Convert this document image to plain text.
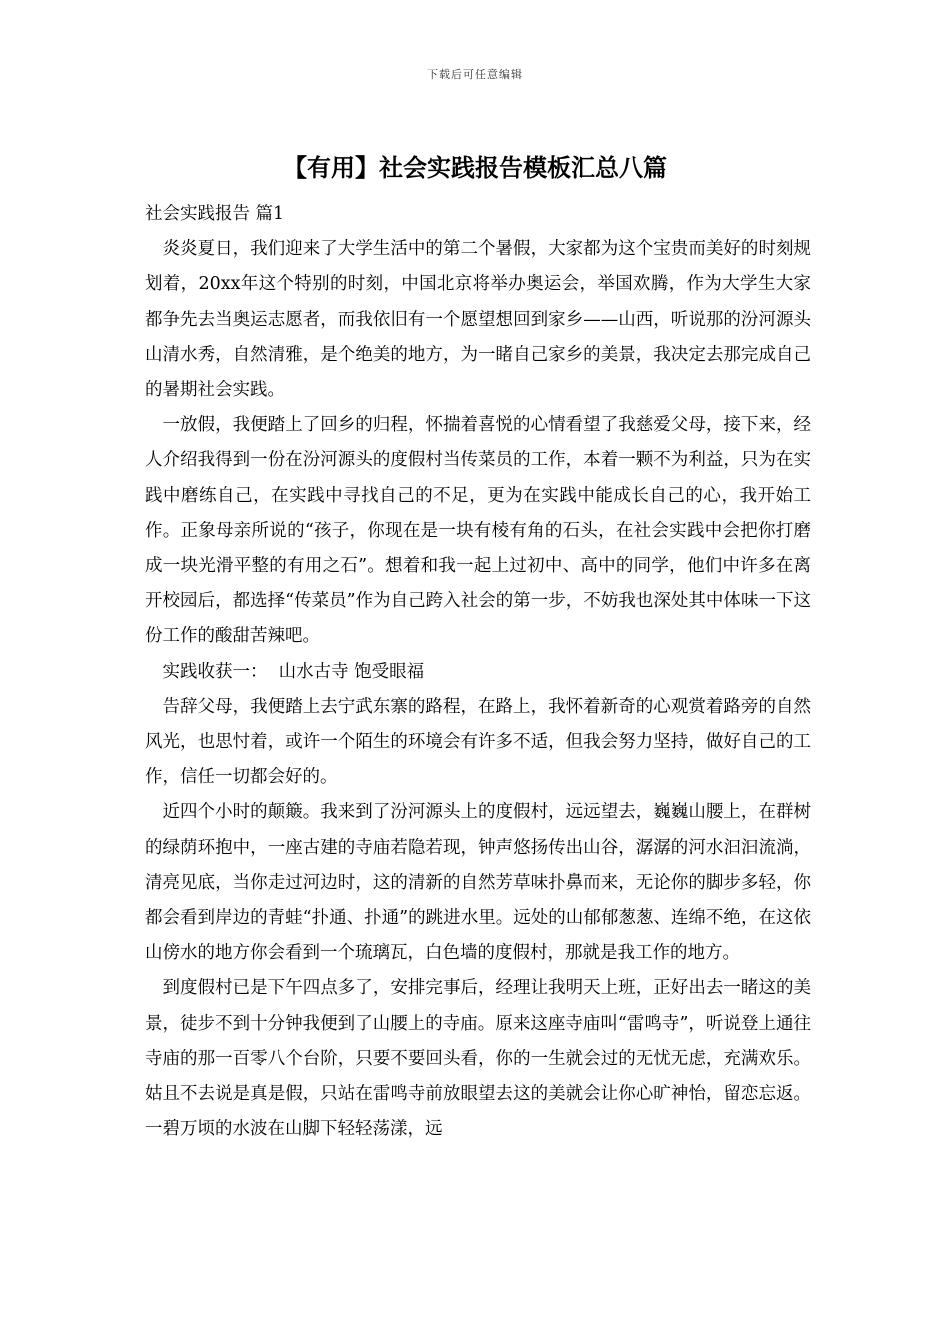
下载后可任意编辑
【有用】社会实践报告模板汇总八篇

社会实践报告 篇1

炎炎夏日，我们迎来了大学生活中的第二个暑假，大家都为这个宝贵而美好的时刻规划着，20xx年这个特别的时刻，中国北京将举办奥运会，举国欢腾，作为大学生大家都争先去当奥运志愿者，而我依旧有一个愿望想回到家乡——山西，听说那的汾河源头山清水秀，自然清雅，是个绝美的地方，为一睹自己家乡的美景，我决定去那完成自己的暑期社会实践。

一放假，我便踏上了回乡的归程，怀揣着喜悦的心情看望了我慈爱父母，接下来，经人介绍我得到一份在汾河源头的度假村当传菜员的工作，本着一颗不为利益，只为在实践中磨练自己，在实践中寻找自己的不足，更为在实践中能成长自己的心，我开始工作。正象母亲所说的“孩子，你现在是一块有棱有角的石头，在社会实践中会把你打磨成一块光滑平整的有用之石”。想着和我一起上过初中、高中的同学，他们中许多在离开校园后，都选择“传菜员”作为自己跨入社会的第一步，不妨我也深处其中体味一下这份工作的酸甜苦辣吧。

实践收获一：  山水古寺 饱受眼福

告辞父母，我便踏上去宁武东寨的路程，在路上，我怀着新奇的心观赏着路旁的自然风光，也思忖着，或许一个陌生的环境会有许多不适，但我会努力坚持，做好自己的工作，信任一切都会好的。

近四个小时的颠簸。我来到了汾河源头上的度假村，远远望去，巍巍山腰上，在群树的绿荫环抱中，一座古建的寺庙若隐若现，钟声悠扬传出山谷，潺潺的河水汩汩流淌，清亮见底，当你走过河边时，这的清新的自然芳草味扑鼻而来，无论你的脚步多轻，你都会看到岸边的青蛙“扑通、扑通”的跳进水里。远处的山郁郁葱葱、连绵不绝，在这依山傍水的地方你会看到一个琉璃瓦，白色墙的度假村，那就是我工作的地方。

到度假村已是下午四点多了，安排完事后，经理让我明天上班，正好出去一睹这的美景，徒步不到十分钟我便到了山腰上的寺庙。原来这座寺庙叫“雷鸣寺”，听说登上通往寺庙的那一百零八个台阶，只要不要回头看，你的一生就会过的无忧无虑，充满欢乐。姑且不去说是真是假，只站在雷鸣寺前放眼望去这的美就会让你心旷神怡，留恋忘返。一碧万顷的水波在山脚下轻轻荡漾，远
